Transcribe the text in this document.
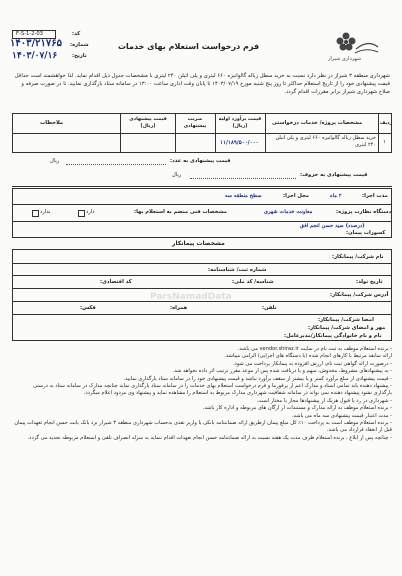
F-S-1-2-03	کد:
شماره:
تاریخ:
۱۴۰۳/۲۱۷۶۵
۱۴۰۳/۰۷/۱۶
فرم درخواست استعلام بهای خدمات
شهرداری شیراز
شهرداری منطقه ۳ شیراز در نظر دارد نسبت به خرید سطل زباله گالوانیزه ۶۶۰ لیتری و پلی اتیلن ۲۴۰ لیتری با مشخصات جدول ذیل اقدام نماید. لذا خواهشمند است حداقل قیمت پیشنهادی خود را از تاریخ استعلام حداکثر تا روز پنج شنبه مورخ ۱۴۰۳/۰۷/۱۹ تا پایان وقت اداری ساعت ۱۳:۰۰ در سامانه ستاد بارگذاری نمایید. تا در صورت صرفه و صلاح شهرداری شیراز برابر مقررات اقدام گردد.
ردیف
مشخصات پروژه/ خدمات درخواستی
قیمت برآورد اولیه (ریال)
ضریب پیشنهادی
قیمت پیشنهادی (ریال)
ملاحظات
۱
خرید سطل زباله گالوانیزه ۶۶۰ لیتری و پلی اتیلن ۲۴۰ لیتری
۱۱/۱۸۹/۵۰۰/۰۰۰
قیمت پیشنهادی به عدد:
ریال
قیمت پیشنهادی به حروف:
ریال
مدت اجرا:
۲ ماه
محل اجرا:
سطح منطقه سه
دستگاه نظارت پروژه:
معاونت خدمات شهری
مشخصات فنی منضم به استعلام بها:
دارد
ندارد
(درصدد) سید حسن انجم افق
کسورات پیمان:
مشخصات پیمانکار
نام شرکت/ پیمانکار:
شماره ثبت/ شناسنامه:
تاریخ تولد:
شناسه/ کد ملی:
کد اقتصادی:
آدرس شرکت/ پیمانکار:
تلفن:
همراه:
فکس:
امضا شرکت/ پیمانکار:
مهر و امضای شرکت/ پیمانکار:
نام و نام خانوادگی پیمانکار/مدیرعامل:
ParsNamadData
- برنده استعلام موظف به ثبت نام در سایت vendor.shiraz.ir می باشد.
ارائه سابقه مرتبط با کارهای انجام شده (با دستگاه های اجرایی) الزامی میباشد.
- درصورت ارائه گواهی ثبت نام، ارزش افزوده به پیمانکار پرداخت می شود.
- به پیشنهادهای مشروط، مخدوش، مبهم و یا دریافت شده پس از موعد مقرر ترتیب اثر داده نخواهد شد.
- قیمت پیشنهادی از مبلغ برآورد کمتر و یا بیشتر از سقف برآورد نباشد و قیمت پیشنهادی خود را در سامانه ستاد بارگذاری نمایید.
- پیشنهاد دهنده باید تمامی اسناد و مدارک اعم از پرفورما و فرم درخواست استعلام بهای خدمات را در سامانه ستاد بارگذاری نماید چنانچه مدارک در سامانه ستاد به درستی بارگذاری نشود پیشنهاد دهنده نمی تواند در سامانه شفافیت شهرداری مدارک مربوط به استعلام را مشاهده نماید و پیشنهاد وی مردود اعلام میگردد.
- شهرداری در رد یا قبول هریک از پیشنهادها مجاز یا مختار است.
- برنده استعلام موظف به ارائه مدارک و مستندات از ارگان های مربوطه و اداره کار باشد.
- مدت اعتبار قیمت پیشنهادی سه ماه می باشد.
- برنده استعلام موظف است به پرداخت ۱۰٪ کل مبلغ پیمان ازطریق ارائه ضمانتنامه بانکی یا واریز نقدی به‌حساب شهرداری منطقه ۳ شیراز نزد بانک بابت حسن انجام تعهدات پیمان قبل از انعقاد قرارداد می باشد.
- چنانچه پس از ابلاغ ، برنده استعلام ظرف مدت یک هفته نسبت به ارائه ضمانتنامه حسن انجام تعهدات اقدام ننماید به منزله انصراف تلقی و استعلام مربوطه تجدید می گردد.
